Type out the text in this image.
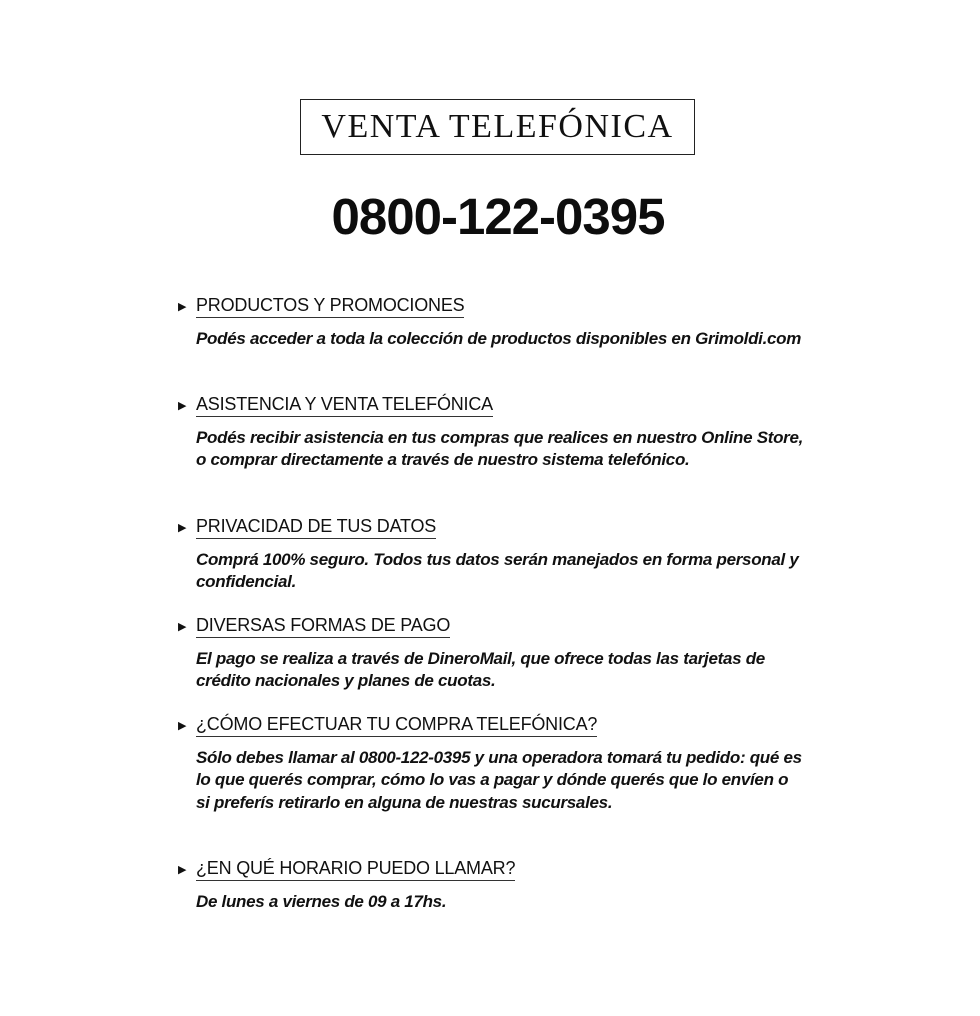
VENTA TELEFÓNICA
0800-122-0395
▶ PRODUCTOS Y PROMOCIONES
Podés acceder a toda la colección de productos disponibles en Grimoldi.com
▶ ASISTENCIA Y VENTA TELEFÓNICA
Podés recibir asistencia en tus compras que realices en nuestro Online Store, o comprar directamente a través de nuestro sistema telefónico.
▶ PRIVACIDAD DE TUS DATOS
Comprá 100% seguro. Todos tus datos serán manejados en forma personal y confidencial.
▶ DIVERSAS FORMAS DE PAGO
El pago se realiza a través de DineroMail, que ofrece todas las tarjetas de crédito nacionales y planes de cuotas.
▶ ¿CÓMO EFECTUAR TU COMPRA TELEFÓNICA?
Sólo debes llamar al 0800-122-0395 y una operadora tomará tu pedido: qué es lo que querés comprar, cómo lo vas a pagar y dónde querés que lo envíen o si preferís retirarlo en alguna de nuestras sucursales.
▶ ¿EN QUÉ HORARIO PUEDO LLAMAR?
De lunes a viernes de 09 a 17hs.
